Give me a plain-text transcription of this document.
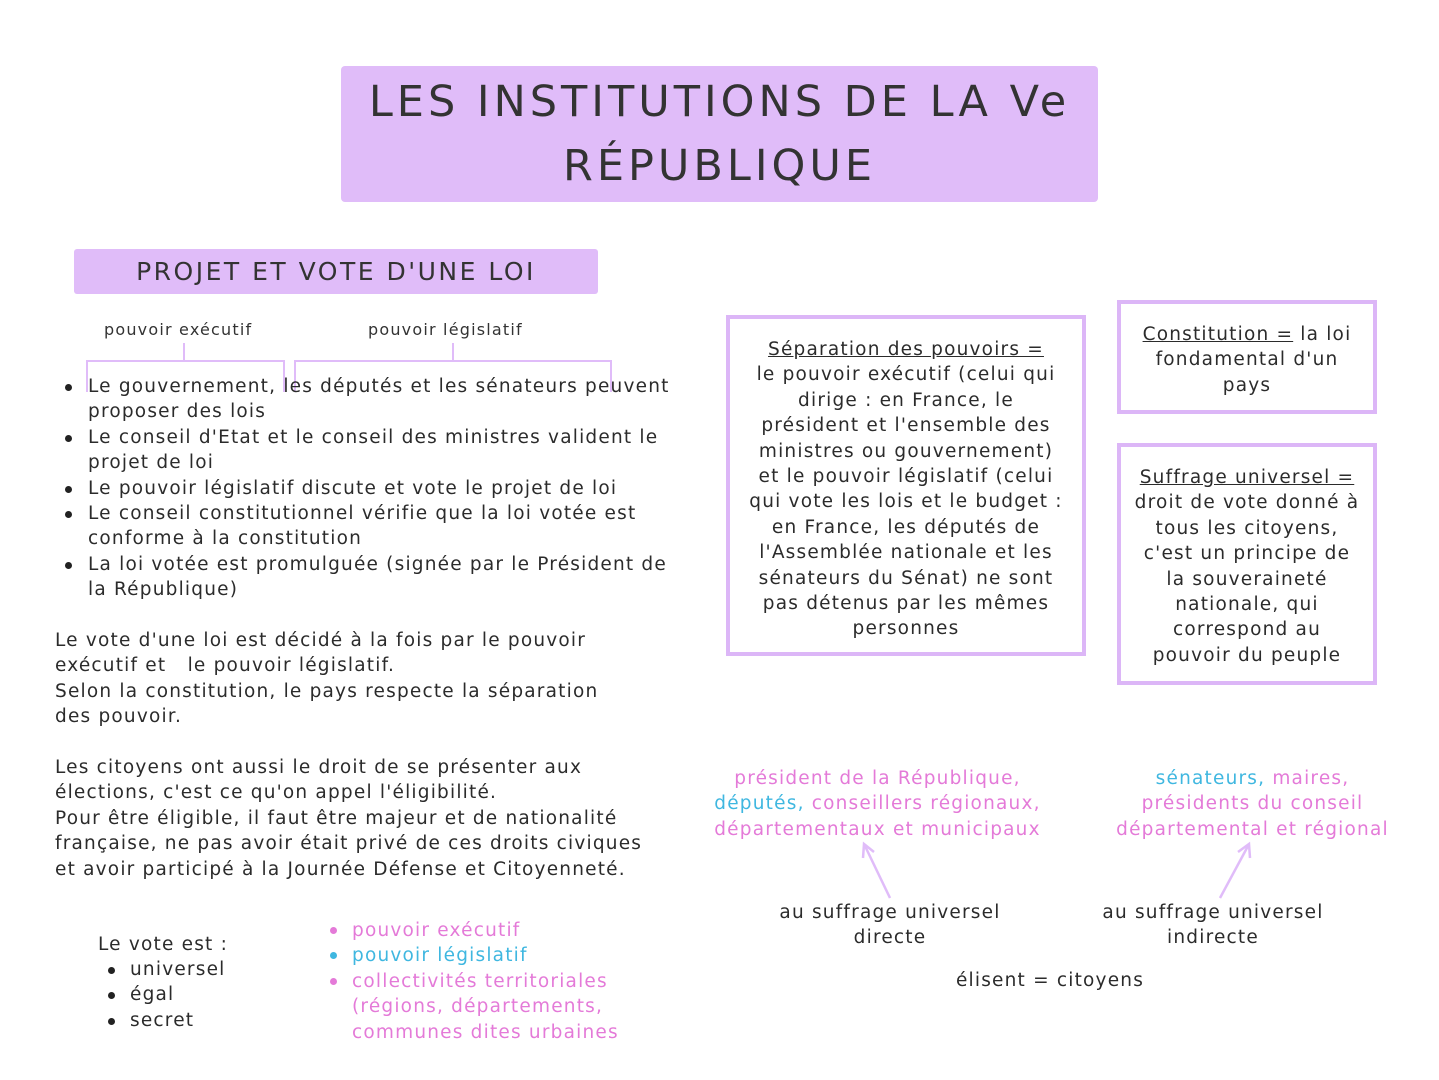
LES INSTITUTIONS DE LA Ve
RÉPUBLIQUE
PROJET ET VOTE D'UNE LOI
pouvoir exécutif	pouvoir législatif
Le gouvernement, les députés et les sénateurs peuvent proposer des lois
Le conseil d'Etat et le conseil des ministres valident le projet de loi
Le pouvoir législatif discute et vote le projet de loi
Le conseil constitutionnel vérifie que la loi votée est conforme à la constitution
La loi votée est promulguée (signée par le Président de la République)
Le vote d'une loi est décidé à la fois par le pouvoir
exécutif et   le pouvoir législatif.
Selon la constitution, le pays respecte la séparation
des pouvoir.
Les citoyens ont aussi le droit de se présenter aux
élections, c'est ce qu'on appel l'éligibilité.
Pour être éligible, il faut être majeur et de nationalité
française, ne pas avoir était privé de ces droits civiques
et avoir participé à la Journée Défense et Citoyenneté.
Le vote est :
universel
égal
secret
pouvoir exécutif
pouvoir législatif
collectivités territoriales
(régions, départements,
communes dites urbaines
Séparation des pouvoirs =
le pouvoir exécutif (celui qui
dirige : en France, le
président et l'ensemble des
ministres ou gouvernement)
et le pouvoir législatif (celui
qui vote les lois et le budget :
en France, les députés de
l'Assemblée nationale et les
sénateurs du Sénat) ne sont
pas détenus par les mêmes
personnes
Constitution = la loi
fondamental d'un
pays
Suffrage universel =
droit de vote donné à
tous les citoyens,
c'est un principe de
la souveraineté
nationale, qui
correspond au
pouvoir du peuple
président de la République,
députés, conseillers régionaux,
départementaux et municipaux
sénateurs, maires,
présidents du conseil
départemental et régional
au suffrage universel
directe
au suffrage universel
indirecte
élisent = citoyens
